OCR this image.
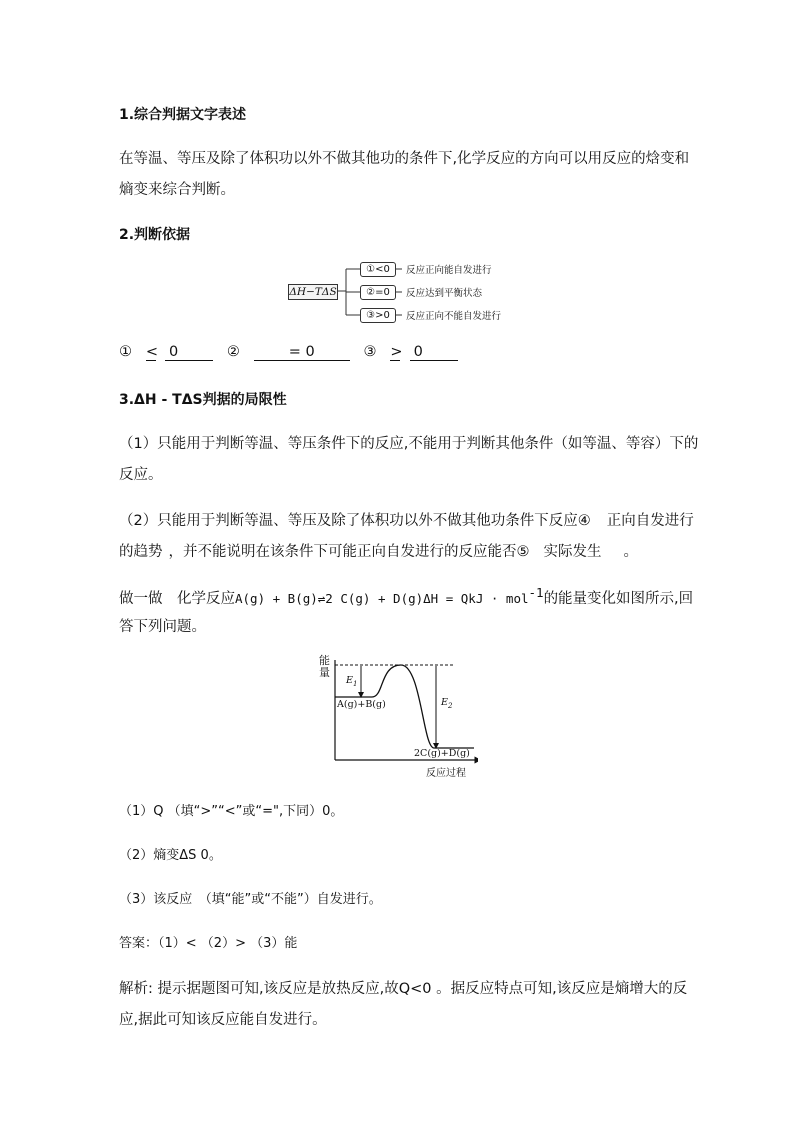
1.综合判据文字表述
在等温、等压及除了体积功以外不做其他功的条件下,化学反应的方向可以用反应的焓变和
熵变来综合判断。
2.判断依据
ΔH−TΔS
①<0
②=0
③>0
反应正向能自发进行
反应达到平衡状态
反应正向不能自发进行
① < 0	②	= 0	③ > 0
3.ΔH - TΔS判据的局限性
（1）只能用于判断等温、等压条件下的反应,不能用于判断其他条件（如等温、等容）下的
反应。
（2）只能用于判断等温、等压及除了体积功以外不做其他功条件下反应④ 正向自发进行
的趋势 ，并不能说明在该条件下可能正向自发进行的反应能否⑤ 实际发生 。
做一做　化学反应A(g) + B(g)⇌2 C(g) + D(g)ΔH = QkJ · mol$^{-1}$的能量变化如图所示,回
答下列问题。
能
量
$E_1$
$E_2$
A(g)+B(g)
2C(g)+D(g)
反应过程
（1）Q （填“>”“<”或“=",下同）0。
（2）熵变ΔS 0。
（3）该反应　（填“能”或“不能”）自发进行。
答案：（1）< （2）> （3）能
解析: 提示据题图可知,该反应是放热反应,故Q<0 。据反应特点可知,该反应是熵增大的反
应,据此可知该反应能自发进行。
